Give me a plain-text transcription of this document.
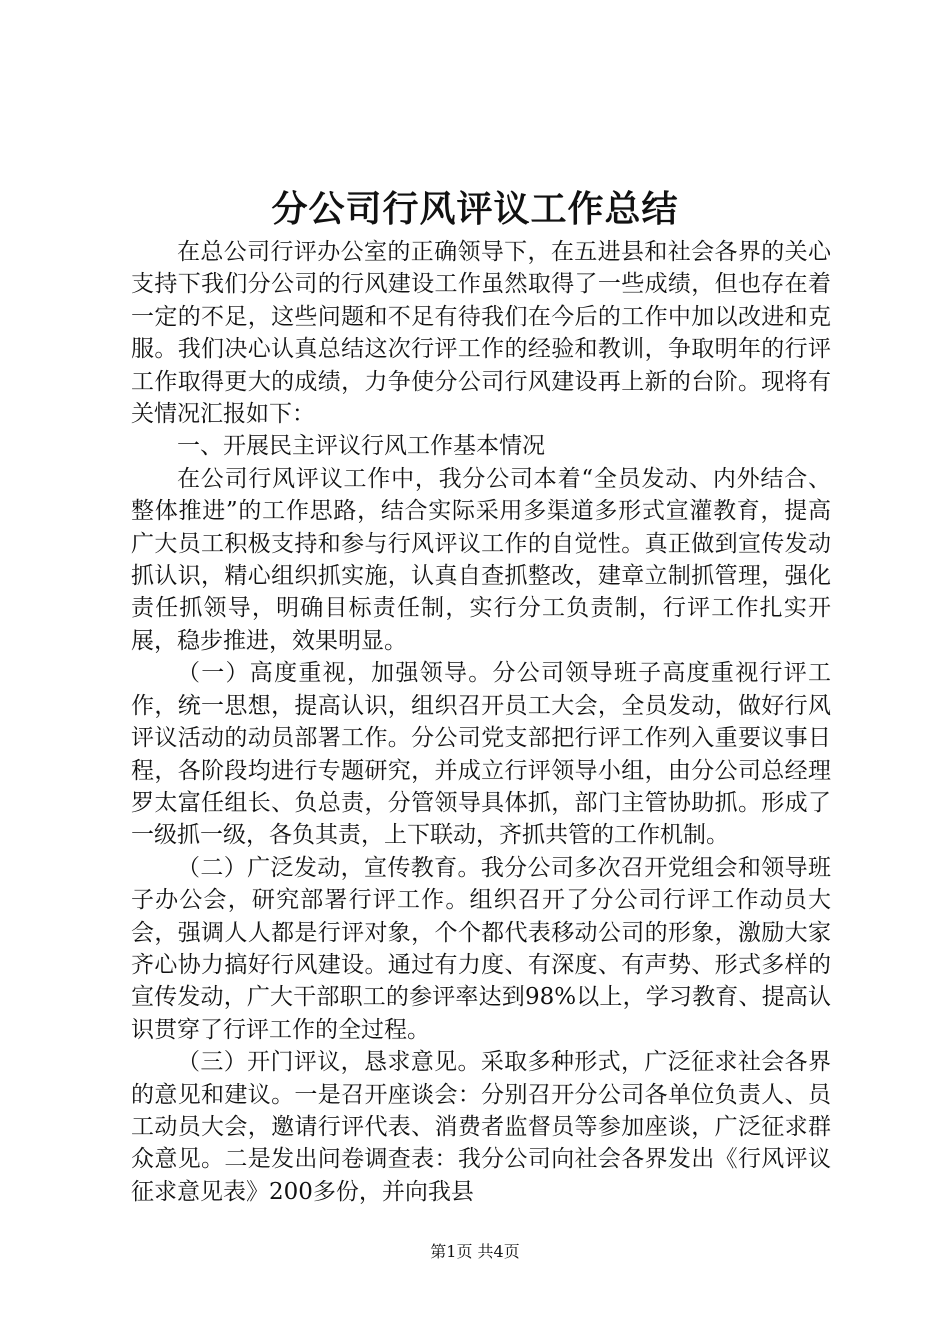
分公司行风评议工作总结

在总公司行评办公室的正确领导下，在五进县和社会各界的关心支持下我们分公司的行风建设工作虽然取得了一些成绩，但也存在着一定的不足，这些问题和不足有待我们在今后的工作中加以改进和克服。我们决心认真总结这次行评工作的经验和教训，争取明年的行评工作取得更大的成绩，力争使分公司行风建设再上新的台阶。现将有关情况汇报如下：

一、开展民主评议行风工作基本情况

在公司行风评议工作中，我分公司本着“全员发动、内外结合、整体推进”的工作思路，结合实际采用多渠道多形式宣灌教育，提高广大员工积极支持和参与行风评议工作的自觉性。真正做到宣传发动抓认识，精心组织抓实施，认真自查抓整改，建章立制抓管理，强化责任抓领导，明确目标责任制，实行分工负责制，行评工作扎实开展，稳步推进，效果明显。

（一）高度重视，加强领导。分公司领导班子高度重视行评工作，统一思想，提高认识，组织召开员工大会，全员发动，做好行风评议活动的动员部署工作。分公司党支部把行评工作列入重要议事日程，各阶段均进行专题研究，并成立行评领导小组，由分公司总经理罗太富任组长、负总责，分管领导具体抓，部门主管协助抓。形成了一级抓一级，各负其责，上下联动，齐抓共管的工作机制。

（二）广泛发动，宣传教育。我分公司多次召开党组会和领导班子办公会，研究部署行评工作。组织召开了分公司行评工作动员大会，强调人人都是行评对象，个个都代表移动公司的形象，激励大家齐心协力搞好行风建设。通过有力度、有深度、有声势、形式多样的宣传发动，广大干部职工的参评率达到98%以上，学习教育、提高认识贯穿了行评工作的全过程。

（三）开门评议，恳求意见。采取多种形式，广泛征求社会各界的意见和建议。一是召开座谈会：分别召开分公司各单位负责人、员工动员大会，邀请行评代表、消费者监督员等参加座谈，广泛征求群众意见。二是发出问卷调查表：我分公司向社会各界发出《行风评议征求意见表》200多份，并向我县

第1页 共4页
